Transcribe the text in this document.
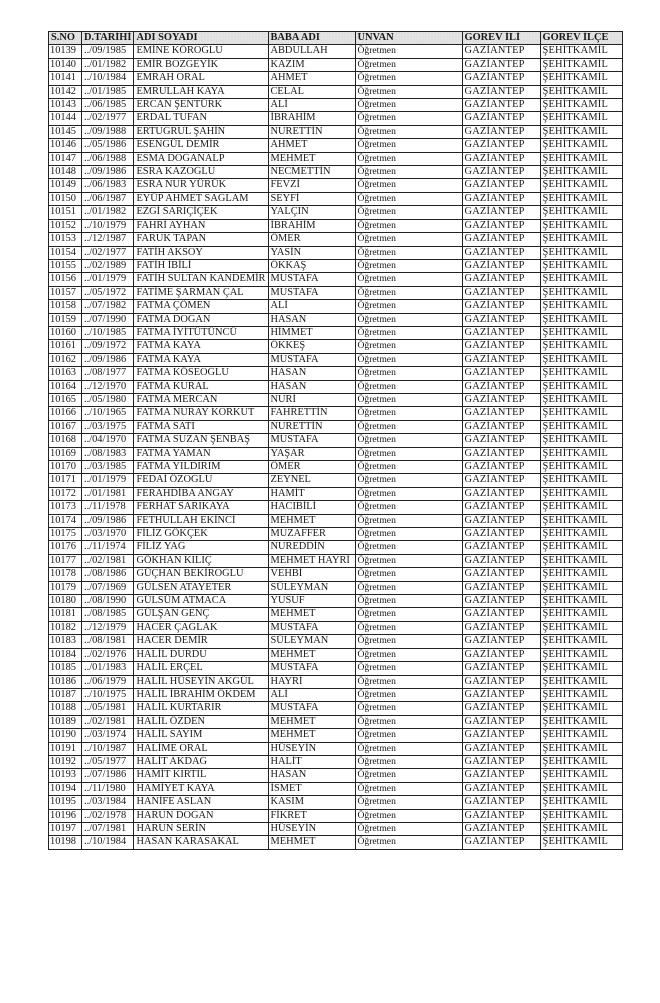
S.NO	D.TARİHİ	ADI SOYADI	BABA ADI	UNVAN	GOREV İLİ	GOREV İLÇE
10139	../09/1985	EMİNE KÖROĞLU	ABDULLAH	Öğretmen	GAZİANTEP	ŞEHİTKAMİL
10140	../01/1982	EMİR BOZGEYİK	KAZIM	Öğretmen	GAZİANTEP	ŞEHİTKAMİL
10141	../10/1984	EMRAH ORAL	AHMET	Öğretmen	GAZİANTEP	ŞEHİTKAMİL
10142	../01/1985	EMRULLAH KAYA	CELAL	Öğretmen	GAZİANTEP	ŞEHİTKAMİL
10143	../06/1985	ERCAN ŞENTÜRK	ALİ	Öğretmen	GAZİANTEP	ŞEHİTKAMİL
10144	../02/1977	ERDAL TUFAN	İBRAHİM	Öğretmen	GAZİANTEP	ŞEHİTKAMİL
10145	../09/1988	ERTUĞRUL ŞAHİN	NURETTİN	Öğretmen	GAZİANTEP	ŞEHİTKAMİL
10146	../05/1986	ESENGÜL DEMİR	AHMET	Öğretmen	GAZİANTEP	ŞEHİTKAMİL
10147	../06/1988	ESMA DOĞANALP	MEHMET	Öğretmen	GAZİANTEP	ŞEHİTKAMİL
10148	../09/1986	ESRA KAZOĞLU	NECMETTİN	Öğretmen	GAZİANTEP	ŞEHİTKAMİL
10149	../06/1983	ESRA NUR YÜRÜK	FEVZİ	Öğretmen	GAZİANTEP	ŞEHİTKAMİL
10150	../06/1987	EYÜP AHMET SAĞLAM	SEYFİ	Öğretmen	GAZİANTEP	ŞEHİTKAMİL
10151	../01/1982	EZGİ SARIÇİÇEK	YALÇIN	Öğretmen	GAZİANTEP	ŞEHİTKAMİL
10152	../10/1979	FAHRİ AYHAN	İBRAHİM	Öğretmen	GAZİANTEP	ŞEHİTKAMİL
10153	../12/1987	FARUK TAPAN	ÖMER	Öğretmen	GAZİANTEP	ŞEHİTKAMİL
10154	../02/1977	FATİH AKSOY	YASİN	Öğretmen	GAZİANTEP	ŞEHİTKAMİL
10155	../02/1989	FATİH İBİLİ	ÖKKAŞ	Öğretmen	GAZİANTEP	ŞEHİTKAMİL
10156	../01/1979	FATİH SULTAN KANDEMİR	MUSTAFA	Öğretmen	GAZİANTEP	ŞEHİTKAMİL
10157	../05/1972	FATİME ŞARMAN ÇAL	MUSTAFA	Öğretmen	GAZİANTEP	ŞEHİTKAMİL
10158	../07/1982	FATMA ÇÖMEN	ALİ	Öğretmen	GAZİANTEP	ŞEHİTKAMİL
10159	../07/1990	FATMA DOĞAN	HASAN	Öğretmen	GAZİANTEP	ŞEHİTKAMİL
10160	../10/1985	FATMA İYİTÜTÜNCÜ	HİMMET	Öğretmen	GAZİANTEP	ŞEHİTKAMİL
10161	../09/1972	FATMA KAYA	ÖKKEŞ	Öğretmen	GAZİANTEP	ŞEHİTKAMİL
10162	../09/1986	FATMA KAYA	MUSTAFA	Öğretmen	GAZİANTEP	ŞEHİTKAMİL
10163	../08/1977	FATMA KÖSEOĞLU	HASAN	Öğretmen	GAZİANTEP	ŞEHİTKAMİL
10164	../12/1970	FATMA KURAL	HASAN	Öğretmen	GAZİANTEP	ŞEHİTKAMİL
10165	../05/1980	FATMA MERCAN	NURİ	Öğretmen	GAZİANTEP	ŞEHİTKAMİL
10166	../10/1965	FATMA NURAY KORKUT	FAHRETTİN	Öğretmen	GAZİANTEP	ŞEHİTKAMİL
10167	../03/1975	FATMA SATI	NURETTİN	Öğretmen	GAZİANTEP	ŞEHİTKAMİL
10168	../04/1970	FATMA SUZAN ŞENBAŞ	MUSTAFA	Öğretmen	GAZİANTEP	ŞEHİTKAMİL
10169	../08/1983	FATMA YAMAN	YAŞAR	Öğretmen	GAZİANTEP	ŞEHİTKAMİL
10170	../03/1985	FATMA YILDIRIM	ÖMER	Öğretmen	GAZİANTEP	ŞEHİTKAMİL
10171	../01/1979	FEDAİ ÖZOĞLU	ZEYNEL	Öğretmen	GAZİANTEP	ŞEHİTKAMİL
10172	../01/1981	FERAHDİBA ANGAY	HAMİT	Öğretmen	GAZİANTEP	ŞEHİTKAMİL
10173	../11/1978	FERHAT SARIKAYA	HACIBİLİ	Öğretmen	GAZİANTEP	ŞEHİTKAMİL
10174	../09/1986	FETHULLAH EKİNCİ	MEHMET	Öğretmen	GAZİANTEP	ŞEHİTKAMİL
10175	../03/1970	FİLİZ GÖKÇEK	MUZAFFER	Öğretmen	GAZİANTEP	ŞEHİTKAMİL
10176	../11/1974	FİLİZ YAĞ	NUREDDİN	Öğretmen	GAZİANTEP	ŞEHİTKAMİL
10177	../02/1981	GÖKHAN KILIÇ	MEHMET HAYRİ	Öğretmen	GAZİANTEP	ŞEHİTKAMİL
10178	../08/1986	GÜÇHAN BEKİROĞLU	VEHBİ	Öğretmen	GAZİANTEP	ŞEHİTKAMİL
10179	../07/1969	GÜLSEN ATAYETER	SÜLEYMAN	Öğretmen	GAZİANTEP	ŞEHİTKAMİL
10180	../08/1990	GÜLSÜM ATMACA	YUSUF	Öğretmen	GAZİANTEP	ŞEHİTKAMİL
10181	../08/1985	GÜLŞAN GENÇ	MEHMET	Öğretmen	GAZİANTEP	ŞEHİTKAMİL
10182	../12/1979	HACER ÇAĞLAK	MUSTAFA	Öğretmen	GAZİANTEP	ŞEHİTKAMİL
10183	../08/1981	HACER DEMİR	SÜLEYMAN	Öğretmen	GAZİANTEP	ŞEHİTKAMİL
10184	../02/1976	HALİL DURDU	MEHMET	Öğretmen	GAZİANTEP	ŞEHİTKAMİL
10185	../01/1983	HALİL ERÇEL	MUSTAFA	Öğretmen	GAZİANTEP	ŞEHİTKAMİL
10186	../06/1979	HALİL HÜSEYİN AKGÜL	HAYRİ	Öğretmen	GAZİANTEP	ŞEHİTKAMİL
10187	../10/1975	HALİL İBRAHİM ÖKDEM	ALİ	Öğretmen	GAZİANTEP	ŞEHİTKAMİL
10188	../05/1981	HALİL KURTARIR	MUSTAFA	Öğretmen	GAZİANTEP	ŞEHİTKAMİL
10189	../02/1981	HALİL ÖZDEN	MEHMET	Öğretmen	GAZİANTEP	ŞEHİTKAMİL
10190	../03/1974	HALİL SAYIM	MEHMET	Öğretmen	GAZİANTEP	ŞEHİTKAMİL
10191	../10/1987	HALİME ORAL	HÜSEYİN	Öğretmen	GAZİANTEP	ŞEHİTKAMİL
10192	../05/1977	HALİT AKDAĞ	HALİT	Öğretmen	GAZİANTEP	ŞEHİTKAMİL
10193	../07/1986	HAMİT KIRTIL	HASAN	Öğretmen	GAZİANTEP	ŞEHİTKAMİL
10194	../11/1980	HAMİYET KAYA	İSMET	Öğretmen	GAZİANTEP	ŞEHİTKAMİL
10195	../03/1984	HANİFE ASLAN	KASIM	Öğretmen	GAZİANTEP	ŞEHİTKAMİL
10196	../02/1978	HARUN DOĞAN	FİKRET	Öğretmen	GAZİANTEP	ŞEHİTKAMİL
10197	../07/1981	HARUN SERİN	HÜSEYİN	Öğretmen	GAZİANTEP	ŞEHİTKAMİL
10198	../10/1984	HASAN KARASAKAL	MEHMET	Öğretmen	GAZİANTEP	ŞEHİTKAMİL
